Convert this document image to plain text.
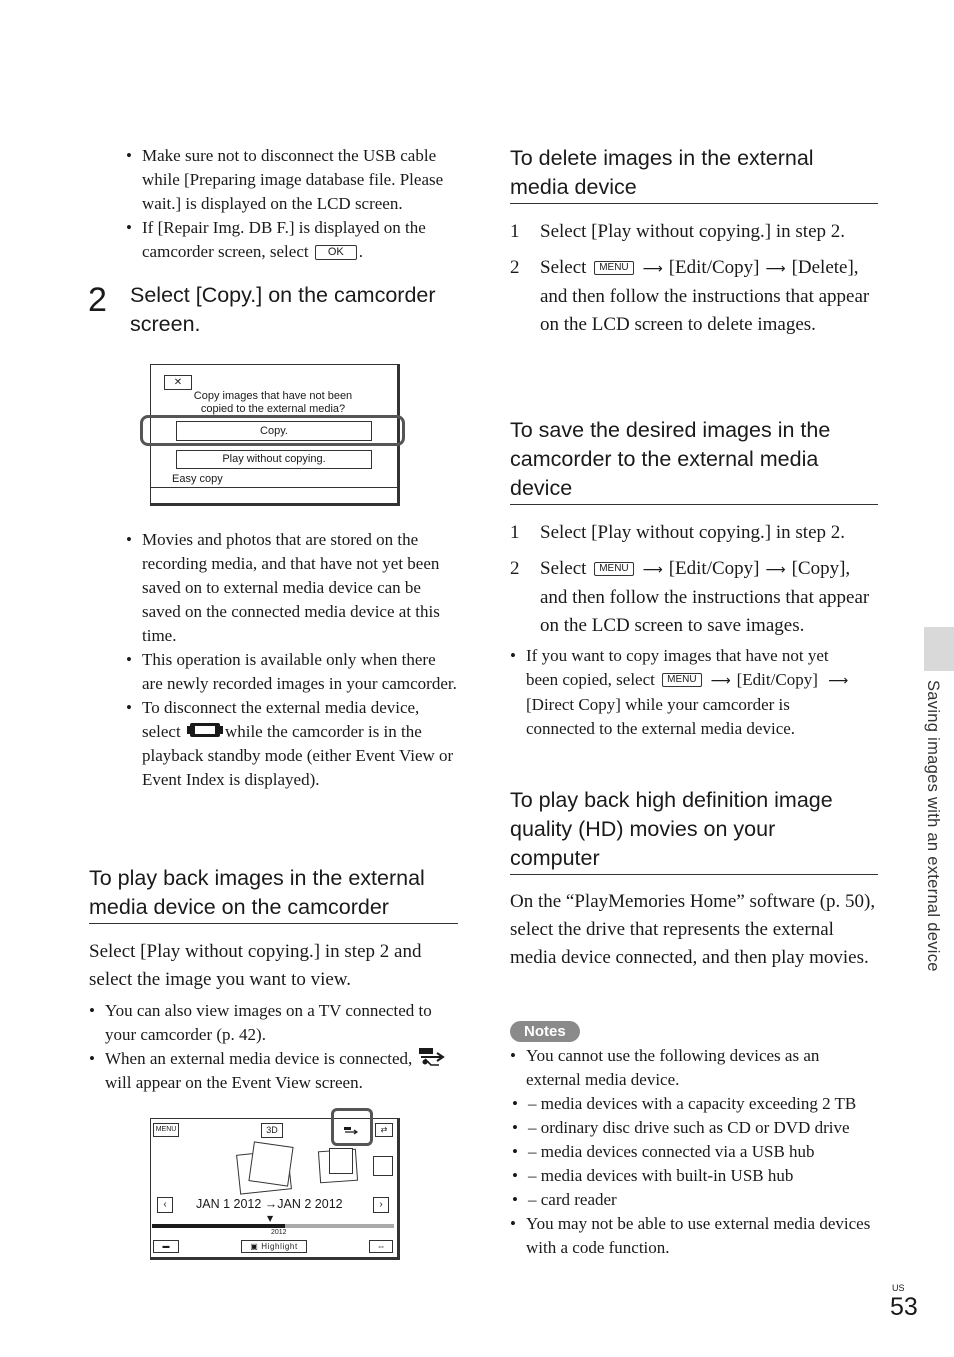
• Make sure not to disconnect the USB cable while [Preparing image database file. Please wait.] is displayed on the LCD screen.
• If [Repair Img. DB F.] is displayed on the camcorder screen, select OK .
2 Select [Copy.] on the camcorder screen.
✕
Copy images that have not been
copied to the external media?
Copy.
Play without copying.
Easy copy
• Movies and photos that are stored on the recording media, and that have not yet been saved on to external media device can be saved on the connected media device at this time.
• This operation is available only when there are newly recorded images in your camcorder.
• To disconnect the external media device, select	while the camcorder is in the playback standby mode (either Event View or Event Index is displayed).
To play back images in the external media device on the camcorder
Select [Play without copying.] in step 2 and select the image you want to view.
• You can also view images on a TV connected to your camcorder (p. 42).
• When an external media device is connected,  will appear on the Event View screen.
MENU	3D	⇄
‹	JAN 1 2012 →JAN 2 2012	›
▼
2012
▬	▣ Highlight	⇔
To delete images in the external media device
1 Select [Play without copying.] in step 2.
2 Select MENU ⟶ [Edit/Copy] ⟶ [Delete], and then follow the instructions that appear on the LCD screen to delete images.
To save the desired images in the camcorder to the external media device
1 Select [Play without copying.] in step 2.
2 Select MENU ⟶ [Edit/Copy] ⟶ [Copy], and then follow the instructions that appear on the LCD screen to save images.
• If you want to copy images that have not yet been copied, select MENU ⟶ [Edit/Copy] ⟶[Direct Copy] while your camcorder is connected to the external media device.
To play back high definition image quality (HD) movies on your computer
On the “PlayMemories Home” software (p. 50), select the drive that represents the external media device connected, and then play movies.
Notes
• You cannot use the following devices as an external media device.
• – media devices with a capacity exceeding 2 TB
• – ordinary disc drive such as CD or DVD drive
• – media devices connected via a USB hub
• – media devices with built-in USB hub
• – card reader
• You may not be able to use external media devices with a code function.
Saving images with an external device
US
53
